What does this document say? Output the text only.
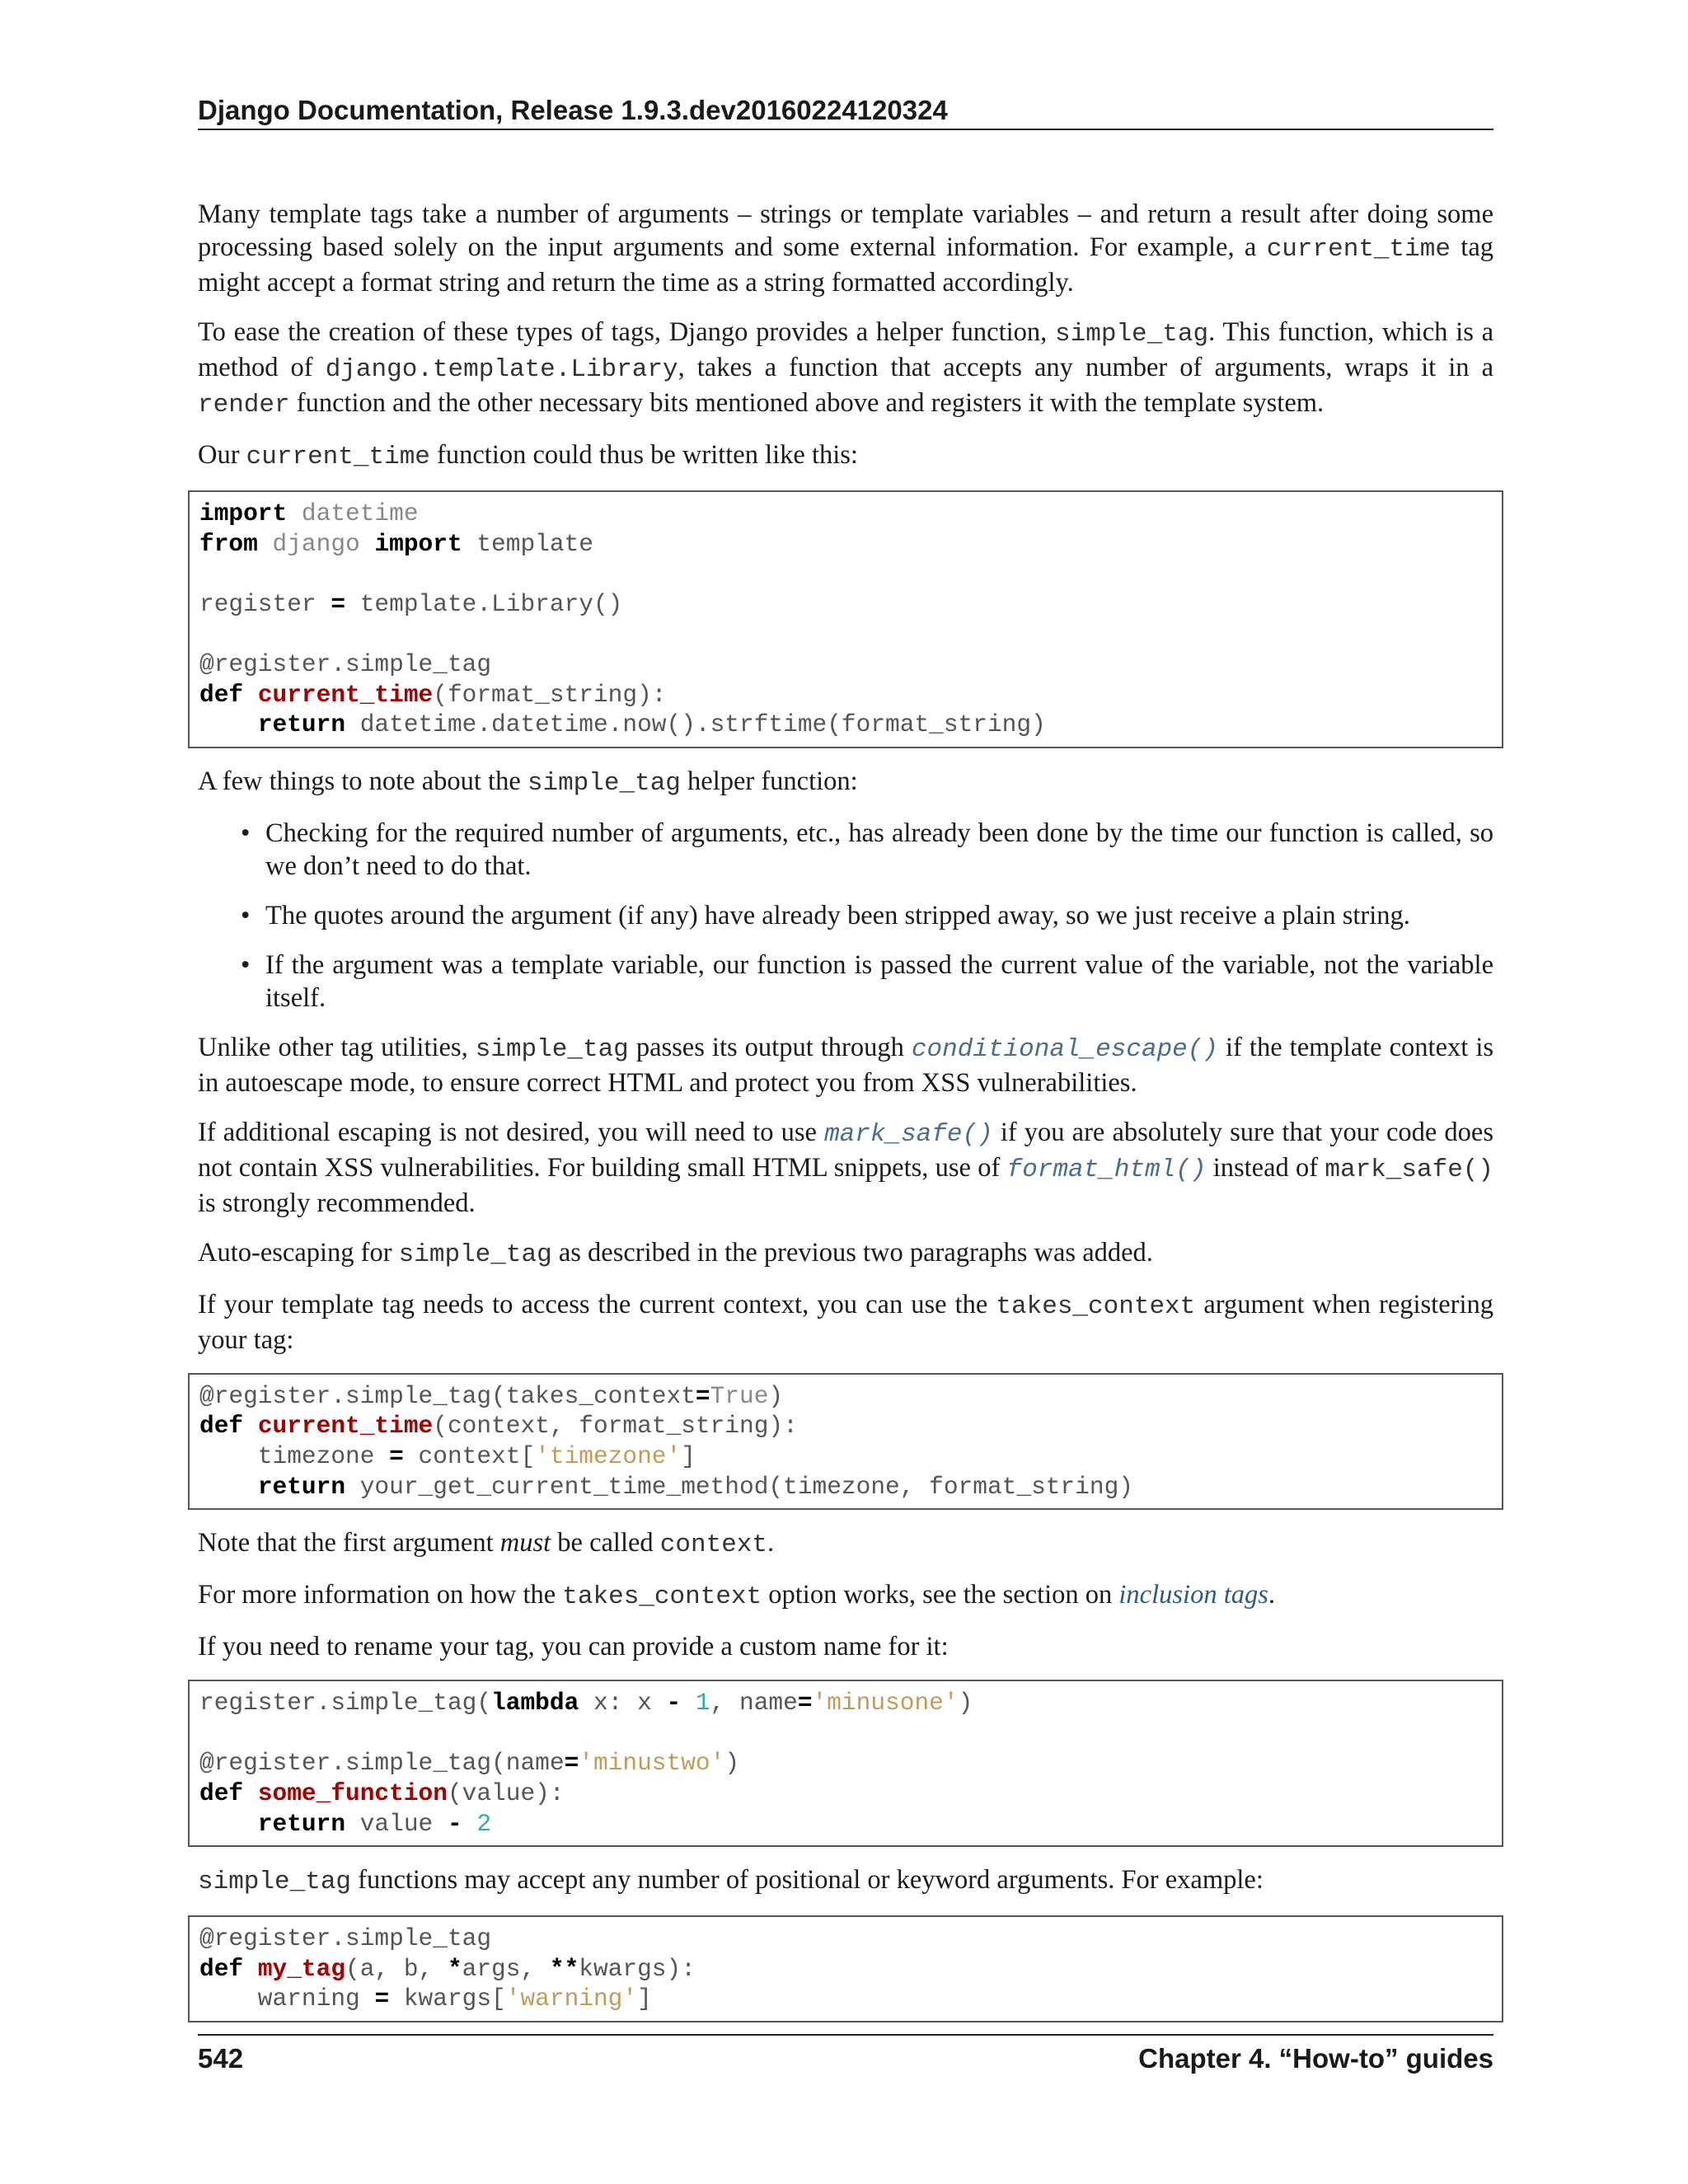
Django Documentation, Release 1.9.3.dev20160224120324

Many template tags take a number of arguments – strings or template variables – and return a result after doing some processing based solely on the input arguments and some external information. For example, a current_time tag might accept a format string and return the time as a string formatted accordingly.

To ease the creation of these types of tags, Django provides a helper function, simple_tag. This function, which is a method of django.template.Library, takes a function that accepts any number of arguments, wraps it in a render function and the other necessary bits mentioned above and registers it with the template system.

Our current_time function could thus be written like this:

import datetime
from django import template

register = template.Library()

@register.simple_tag
def current_time(format_string):
return datetime.datetime.now().strftime(format_string)

A few things to note about the simple_tag helper function:

• Checking for the required number of arguments, etc., has already been done by the time our function is called, so we don’t need to do that.
• The quotes around the argument (if any) have already been stripped away, so we just receive a plain string.
• If the argument was a template variable, our function is passed the current value of the variable, not the variable itself.

Unlike other tag utilities, simple_tag passes its output through conditional_escape() if the template context is in autoescape mode, to ensure correct HTML and protect you from XSS vulnerabilities.

If additional escaping is not desired, you will need to use mark_safe() if you are absolutely sure that your code does not contain XSS vulnerabilities. For building small HTML snippets, use of format_html() instead of mark_safe() is strongly recommended.

Auto-escaping for simple_tag as described in the previous two paragraphs was added.

If your template tag needs to access the current context, you can use the takes_context argument when registering your tag:

@register.simple_tag(takes_context=True)
def current_time(context, format_string):
timezone = context['timezone']
return your_get_current_time_method(timezone, format_string)

Note that the first argument must be called context.

For more information on how the takes_context option works, see the section on inclusion tags.

If you need to rename your tag, you can provide a custom name for it:

register.simple_tag(lambda x: x - 1, name='minusone')

@register.simple_tag(name='minustwo')
def some_function(value):
return value - 2

simple_tag functions may accept any number of positional or keyword arguments. For example:

@register.simple_tag
def my_tag(a, b, *args, **kwargs):
warning = kwargs['warning']
542	Chapter 4. “How-to” guides
